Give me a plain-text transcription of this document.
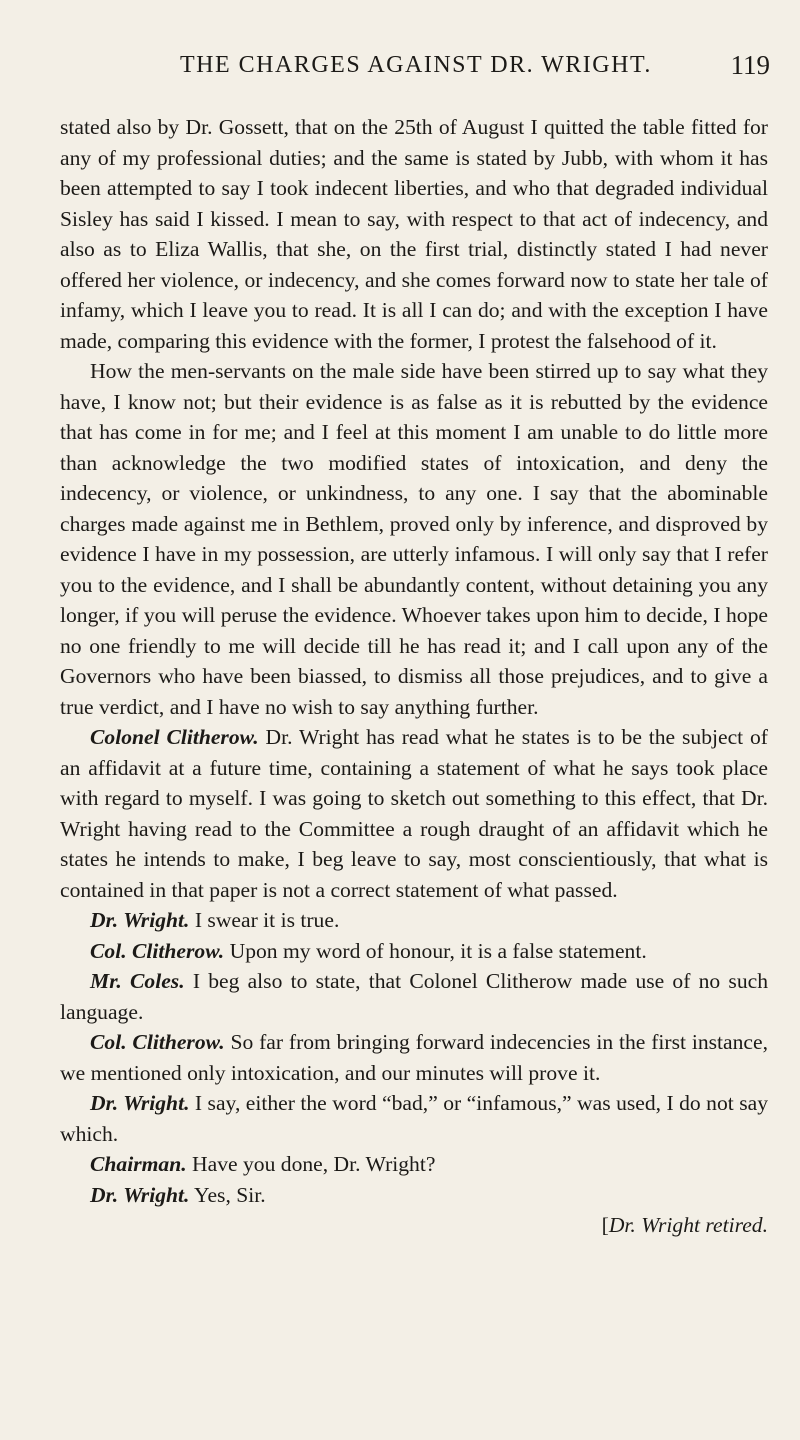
THE CHARGES AGAINST DR. WRIGHT.	119

stated also by Dr. Gossett, that on the 25th of August I quitted the table fitted for any of my professional duties; and the same is stated by Jubb, with whom it has been attempted to say I took indecent liberties, and who that degraded individual Sisley has said I kissed. I mean to say, with respect to that act of indecency, and also as to Eliza Wallis, that she, on the first trial, distinctly stated I had never offered her violence, or indecency, and she comes forward now to state her tale of infamy, which I leave you to read. It is all I can do; and with the exception I have made, comparing this evidence with the former, I protest the falsehood of it.

How the men-servants on the male side have been stirred up to say what they have, I know not; but their evidence is as false as it is rebutted by the evidence that has come in for me; and I feel at this moment I am unable to do little more than acknowledge the two modified states of intoxication, and deny the indecency, or violence, or unkindness, to any one. I say that the abominable charges made against me in Bethlem, proved only by inference, and disproved by evidence I have in my possession, are utterly infamous. I will only say that I refer you to the evidence, and I shall be abundantly content, without detaining you any longer, if you will peruse the evidence. Whoever takes upon him to decide, I hope no one friendly to me will decide till he has read it; and I call upon any of the Governors who have been biassed, to dismiss all those prejudices, and to give a true verdict, and I have no wish to say anything further.

Colonel Clitherow. Dr. Wright has read what he states is to be the subject of an affidavit at a future time, containing a statement of what he says took place with regard to myself. I was going to sketch out something to this effect, that Dr. Wright having read to the Committee a rough draught of an affidavit which he states he intends to make, I beg leave to say, most conscientiously, that what is contained in that paper is not a correct statement of what passed.

Dr. Wright. I swear it is true.

Col. Clitherow. Upon my word of honour, it is a false statement.

Mr. Coles. I beg also to state, that Colonel Clitherow made use of no such language.

Col. Clitherow. So far from bringing forward indecencies in the first instance, we mentioned only intoxication, and our minutes will prove it.

Dr. Wright. I say, either the word “bad,” or “infamous,” was used, I do not say which.

Chairman. Have you done, Dr. Wright?

Dr. Wright. Yes, Sir.

[Dr. Wright retired.
